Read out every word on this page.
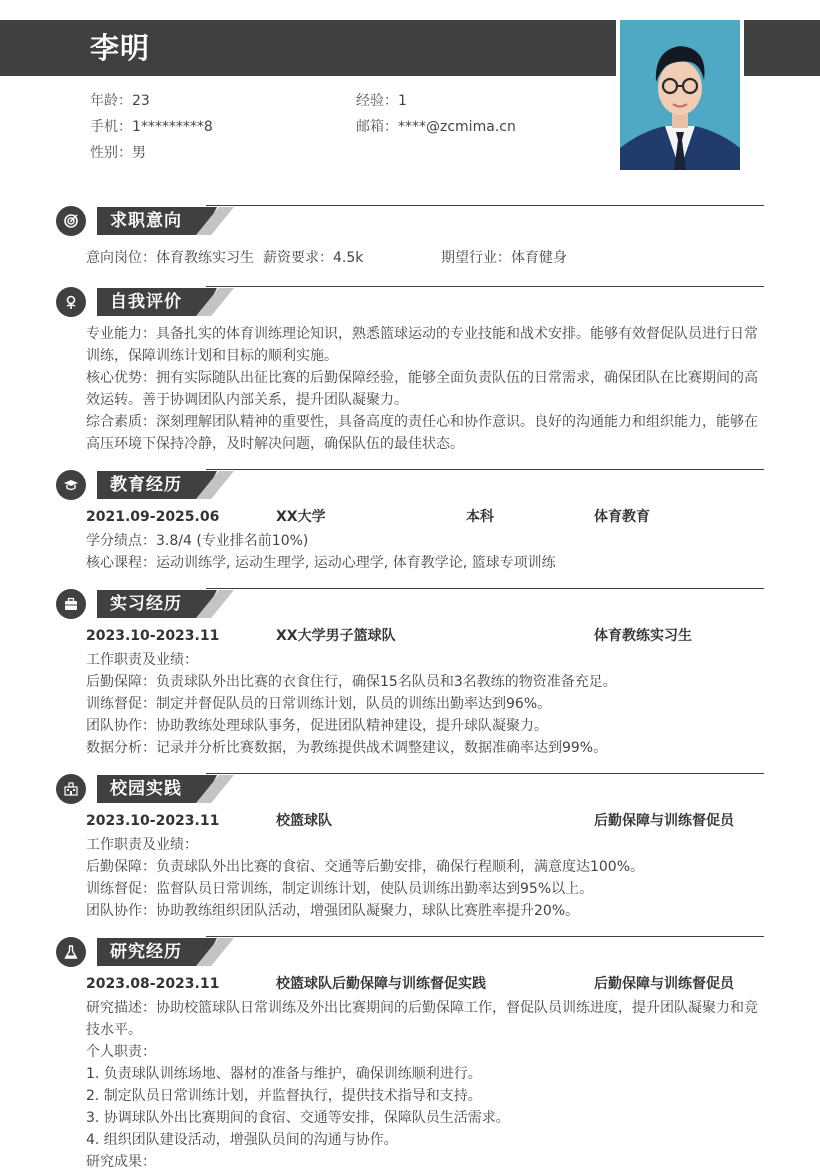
李明
年龄：23	经验：1
手机：1*********8	邮箱：****@zcmima.cn
性别：男
求职意向
意向岗位：体育教练实习生 薪资要求：4.5k	期望行业：体育健身
自我评价
专业能力：具备扎实的体育训练理论知识，熟悉篮球运动的专业技能和战术安排。能够有效督促队员进行日常训练，保障训练计划和目标的顺利实施。
核心优势：拥有实际随队出征比赛的后勤保障经验，能够全面负责队伍的日常需求，确保团队在比赛期间的高效运转。善于协调团队内部关系，提升团队凝聚力。
综合素质：深刻理解团队精神的重要性，具备高度的责任心和协作意识。良好的沟通能力和组织能力，能够在高压环境下保持冷静，及时解决问题，确保队伍的最佳状态。
教育经历
2021.09-2025.06	XX大学	本科	体育教育
学分绩点：3.8/4 (专业排名前10%)
核心课程：运动训练学, 运动生理学, 运动心理学, 体育教学论, 篮球专项训练
实习经历
2023.10-2023.11	XX大学男子篮球队	体育教练实习生
工作职责及业绩：
后勤保障：负责球队外出比赛的衣食住行，确保15名队员和3名教练的物资准备充足。
训练督促：制定并督促队员的日常训练计划，队员的训练出勤率达到96%。
团队协作：协助教练处理球队事务，促进团队精神建设，提升球队凝聚力。
数据分析：记录并分析比赛数据，为教练提供战术调整建议，数据准确率达到99%。
校园实践
2023.10-2023.11	校篮球队	后勤保障与训练督促员
工作职责及业绩：
后勤保障：负责球队外出比赛的食宿、交通等后勤安排，确保行程顺利，满意度达100%。
训练督促：监督队员日常训练，制定训练计划，使队员训练出勤率达到95%以上。
团队协作：协助教练组织团队活动，增强团队凝聚力，球队比赛胜率提升20%。
研究经历
2023.08-2023.11	校篮球队后勤保障与训练督促实践	后勤保障与训练督促员
研究描述：协助校篮球队日常训练及外出比赛期间的后勤保障工作，督促队员训练进度，提升团队凝聚力和竞技水平。
个人职责：
1. 负责球队训练场地、器材的准备与维护，确保训练顺利进行。
2. 制定队员日常训练计划，并监督执行，提供技术指导和支持。
3. 协调球队外出比赛期间的食宿、交通等安排，保障队员生活需求。
4. 组织团队建设活动，增强队员间的沟通与协作。
研究成果：
